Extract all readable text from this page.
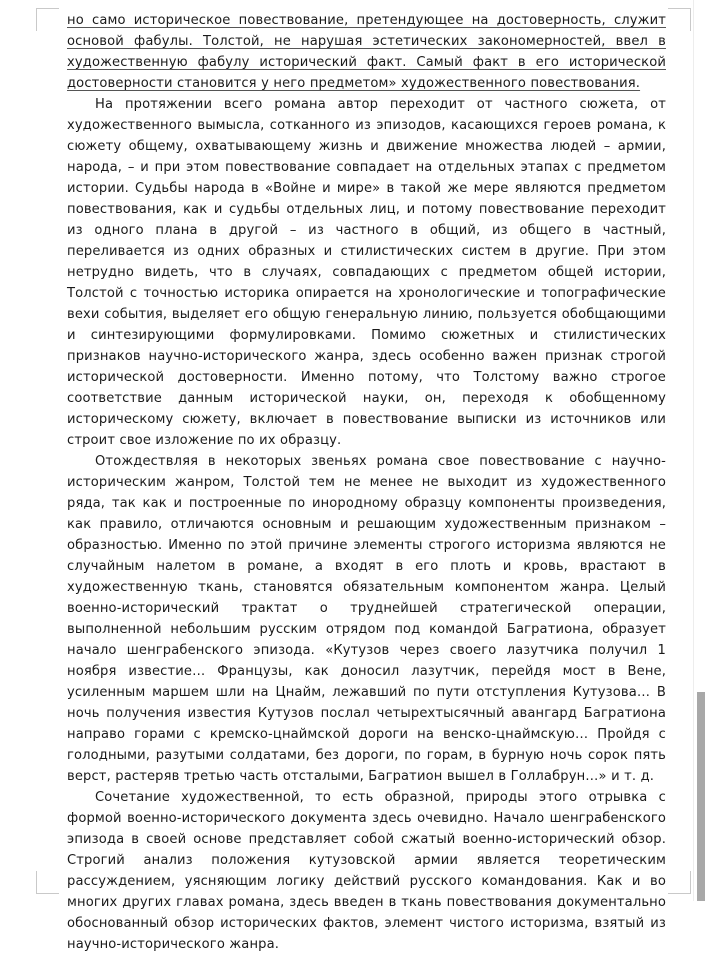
но само историческое повествование, претендующее на достоверность, служит основой фабулы. Толстой, не нарушая эстетических закономерностей, ввел в художественную фабулу исторический факт. Самый факт в его исторической достоверности становится у него предметом» художественного повествования.

На протяжении всего романа автор переходит от частного сюжета, от художественного вымысла, сотканного из эпизодов, касающихся героев романа, к сюжету общему, охватывающему жизнь и движение множества людей – армии, народа, – и при этом повествование совпадает на отдельных этапах с предметом истории. Судьбы народа в «Войне и мире» в такой же мере являются предметом повествования, как и судьбы отдельных лиц, и потому повествование переходит из одного плана в другой – из частного в общий, из общего в частный, переливается из одних образных и стилистических систем в другие. При этом нетрудно видеть, что в случаях, совпадающих с предметом общей истории, Толстой с точностью историка опирается на хронологические и топографические вехи события, выделяет его общую генеральную линию, пользуется обобщающими и синтезирующими формулировками. Помимо сюжетных и стилистических признаков научно-исторического жанра, здесь особенно важен признак строгой исторической достоверности. Именно потому, что Толстому важно строгое соответствие данным исторической науки, он, переходя к обобщенному историческому сюжету, включает в повествование выписки из источников или строит свое изложение по их образцу.

Отождествляя в некоторых звеньях романа свое повествование с научно-историческим жанром, Толстой тем не менее не выходит из художественного ряда, так как и построенные по инородному образцу компоненты произведения, как правило, отличаются основным и решающим художественным признаком – образностью. Именно по этой причине элементы строгого историзма являются не случайным налетом в романе, а входят в его плоть и кровь, врастают в художественную ткань, становятся обязательным компонентом жанра. Целый военно-исторический трактат о труднейшей стратегической операции, выполненной небольшим русским отрядом под командой Багратиона, образует начало шенграбенского эпизода. «Кутузов через своего лазутчика получил 1 ноября известие… Французы, как доносил лазутчик, перейдя мост в Вене, усиленным маршем шли на Цнайм, лежавший по пути отступления Кутузова… В ночь получения известия Кутузов послал четырехтысячный авангард Багратиона направо горами с кремско-цнаймской дороги на венско-цнаймскую… Пройдя с голодными, разутыми солдатами, без дороги, по горам, в бурную ночь сорок пять верст, растеряв третью часть отсталыми, Багратион вышел в Голлабрун…» и т. д.

Сочетание художественной, то есть образной, природы этого отрывка с формой военно-исторического документа здесь очевидно. Начало шенграбенского эпизода в своей основе представляет собой сжатый военно-исторический обзор. Строгий анализ положения кутузовской армии является теоретическим рассуждением, уясняющим логику действий русского командования. Как и во многих других главах романа, здесь введен в ткань повествования документально обоснованный обзор исторических фактов, элемент чистого историзма, взятый из научно-исторического жанра.
